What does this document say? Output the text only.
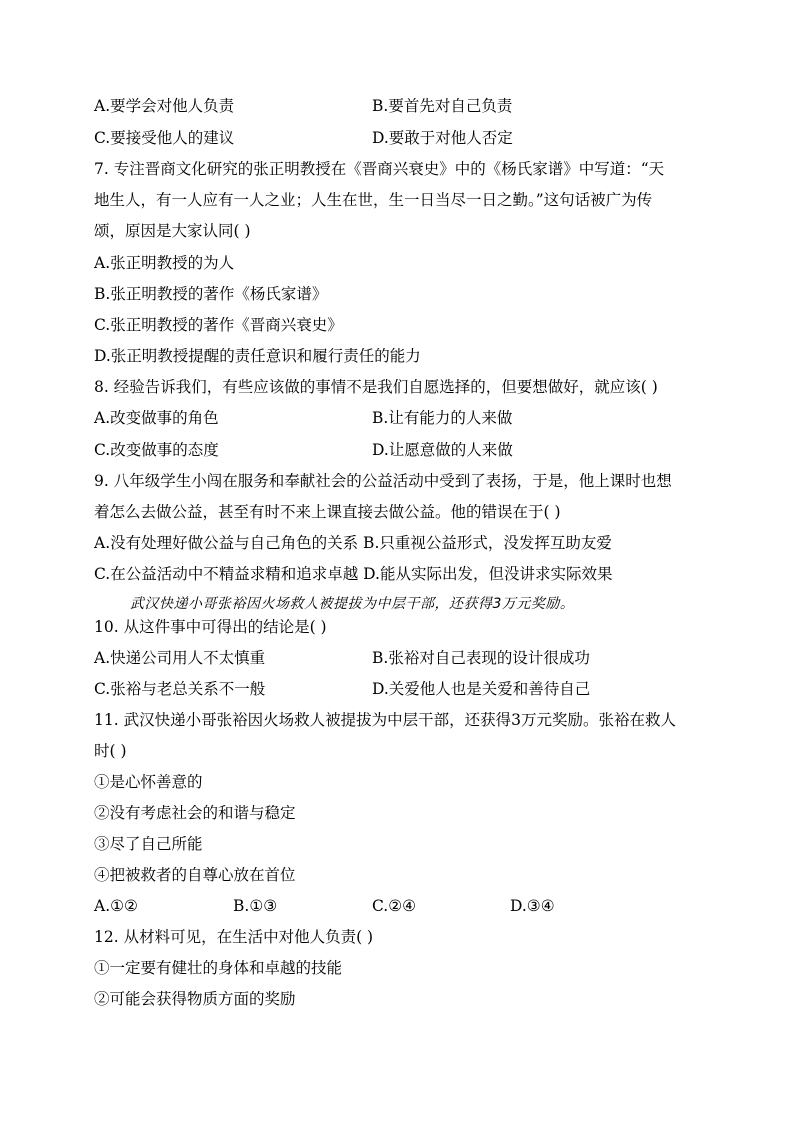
A.要学会对他人负责	B.要首先对自己负责
C.要接受他人的建议	D.要敢于对他人否定
7. 专注晋商文化研究的张正明教授在《晋商兴衰史》中的《杨氏家谱》中写道：“天
地生人，有一人应有一人之业；人生在世，生一日当尽一日之勤。”这句话被广为传
颂，原因是大家认同( )
A.张正明教授的为人
B.张正明教授的著作《杨氏家谱》
C.张正明教授的著作《晋商兴衰史》
D.张正明教授提醒的责任意识和履行责任的能力
8. 经验告诉我们，有些应该做的事情不是我们自愿选择的，但要想做好，就应该( )
A.改变做事的角色	B.让有能力的人来做
C.改变做事的态度	D.让愿意做的人来做
9. 八年级学生小闯在服务和奉献社会的公益活动中受到了表扬，于是，他上课时也想
着怎么去做公益，甚至有时不来上课直接去做公益。他的错误在于( )
A.没有处理好做公益与自己角色的关系 B.只重视公益形式，没发挥互助友爱
C.在公益活动中不精益求精和追求卓越 D.能从实际出发，但没讲求实际效果
武汉快递小哥张裕因火场救人被提拔为中层干部，还获得3万元奖励。
10. 从这件事中可得出的结论是( )
A.快递公司用人不太慎重	B.张裕对自己表现的设计很成功
C.张裕与老总关系不一般	D.关爱他人也是关爱和善待自己
11. 武汉快递小哥张裕因火场救人被提拔为中层干部，还获得3万元奖励。张裕在救人
时( )
①是心怀善意的
②没有考虑社会的和谐与稳定
③尽了自己所能
④把被救者的自尊心放在首位
A.①②	B.①③	C.②④	D.③④
12. 从材料可见，在生活中对他人负责( )
①一定要有健壮的身体和卓越的技能
②可能会获得物质方面的奖励
